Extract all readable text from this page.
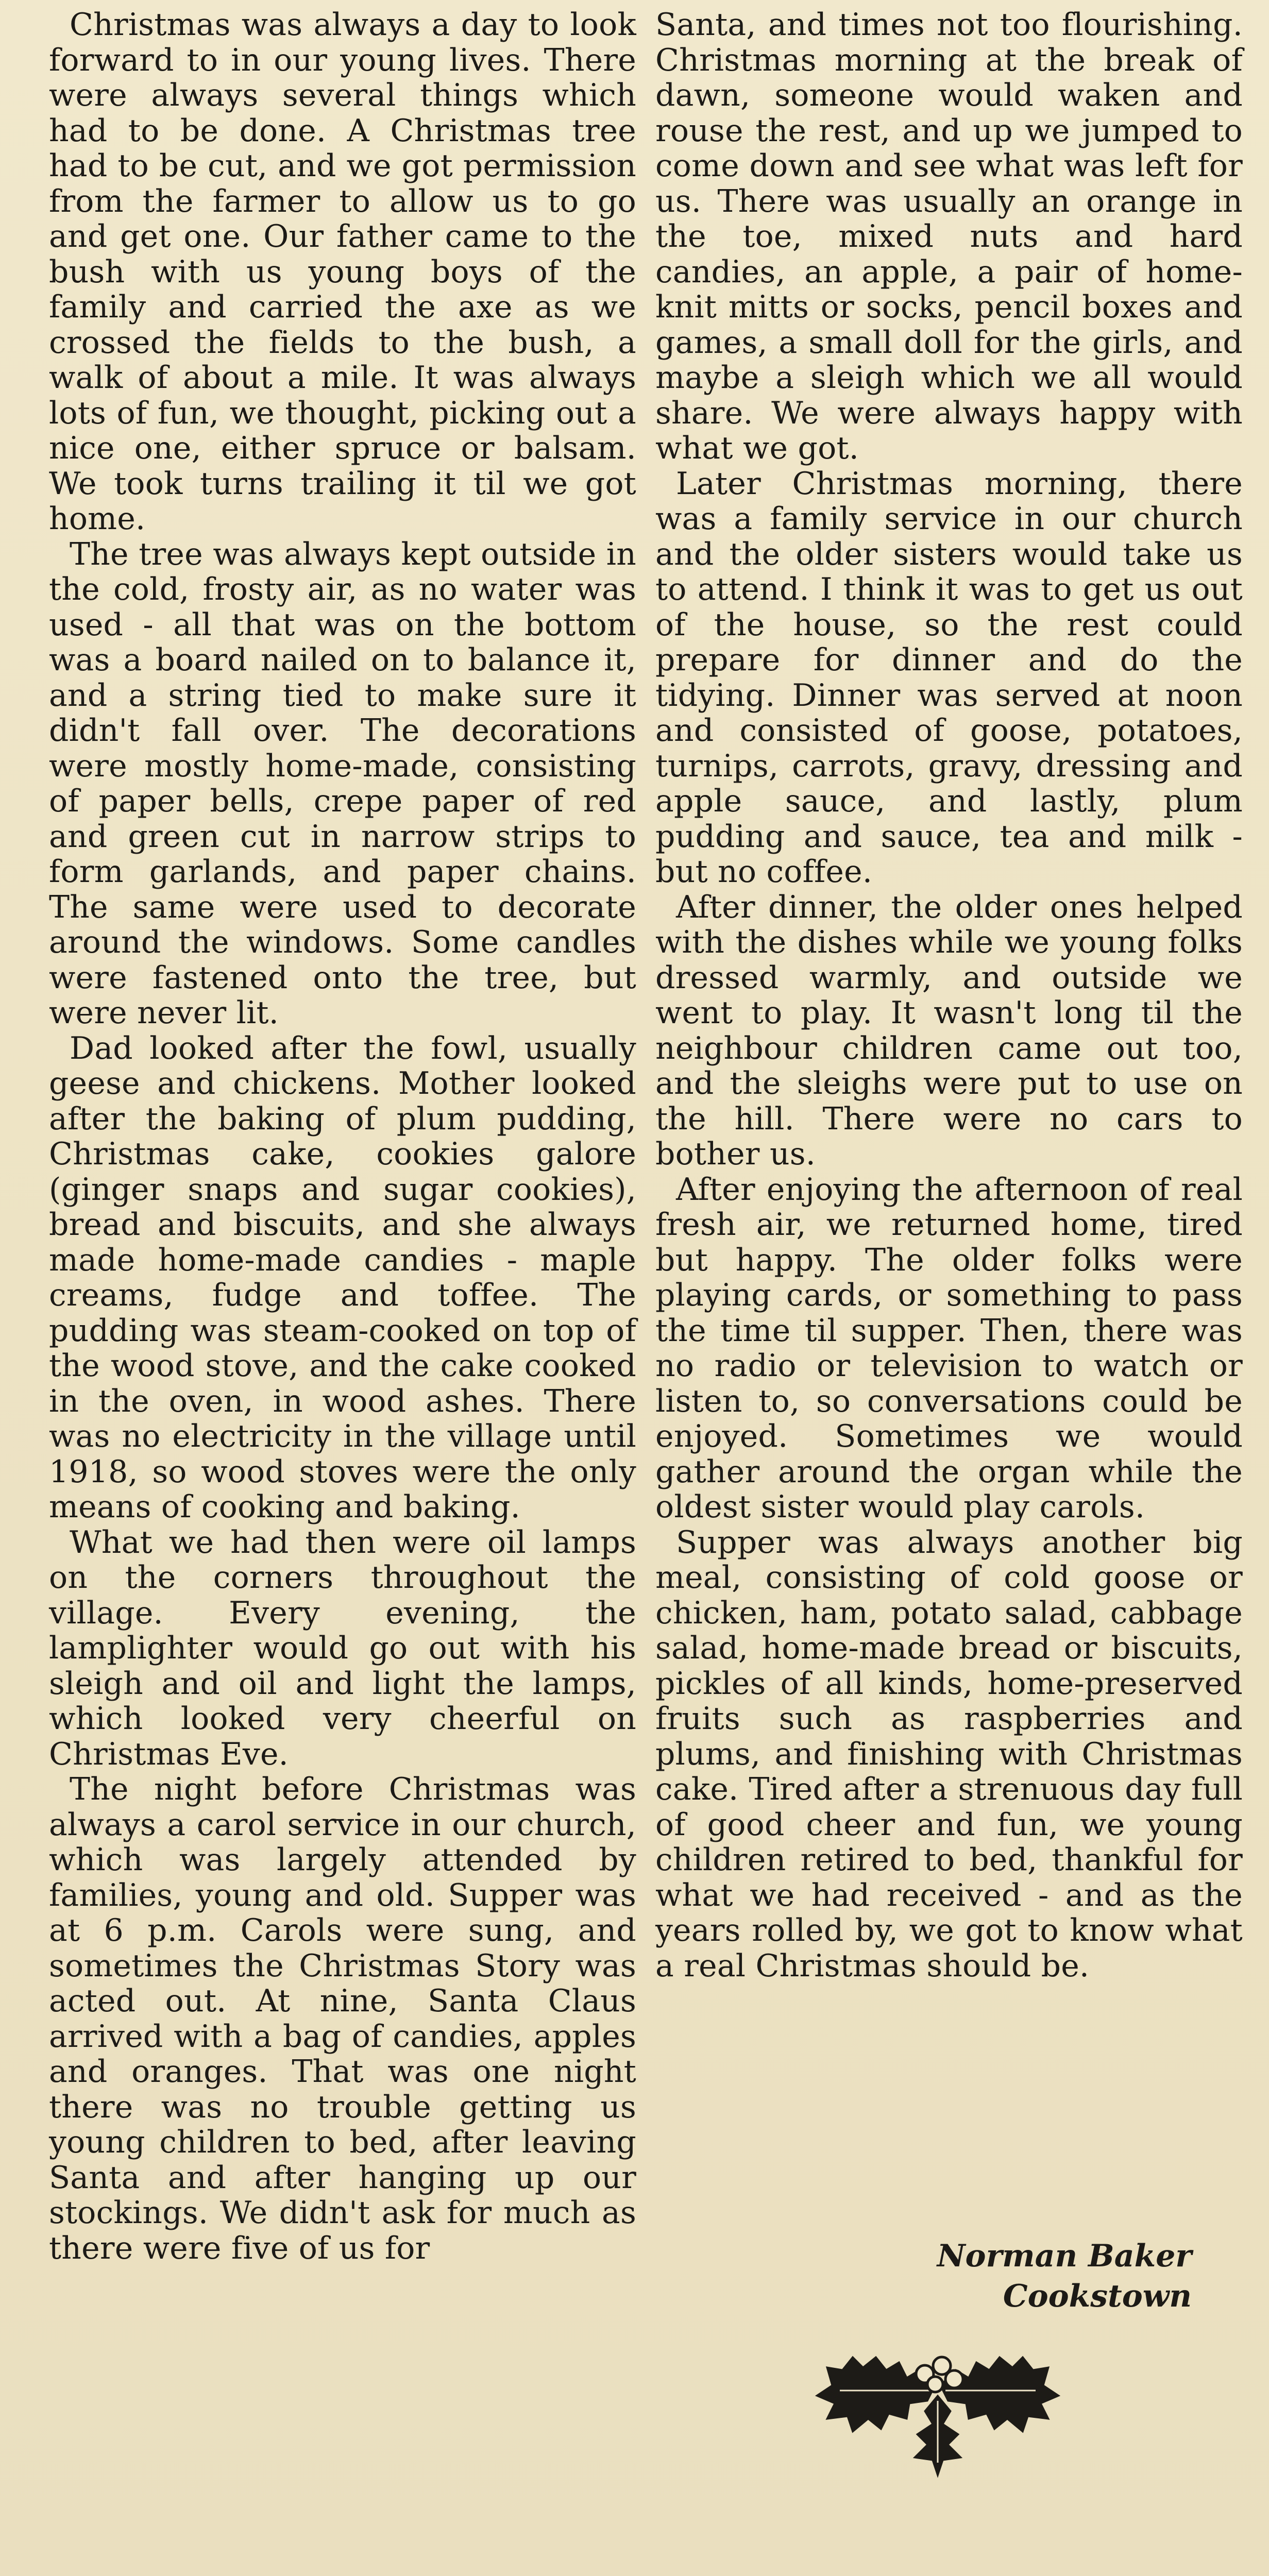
Christmas was always a day to look forward to in our young lives. There were always several things which had to be done. A Christmas tree had to be cut, and we got permission from the farmer to allow us to go and get one. Our father came to the bush with us young boys of the family and carried the axe as we crossed the fields to the bush, a walk of about a mile. It was always lots of fun, we thought, picking out a nice one, either spruce or balsam. We took turns trailing it til we got home.

The tree was always kept outside in the cold, frosty air, as no water was used - all that was on the bottom was a board nailed on to balance it, and a string tied to make sure it didn't fall over. The decorations were mostly home-made, consisting of paper bells, crepe paper of red and green cut in narrow strips to form garlands, and paper chains. The same were used to decorate around the windows. Some candles were fastened onto the tree, but were never lit.

Dad looked after the fowl, usually geese and chickens. Mother looked after the baking of plum pudding, Christmas cake, cookies galore (ginger snaps and sugar cookies), bread and biscuits, and she always made home-made candies - maple creams, fudge and toffee. The pudding was steam-cooked on top of the wood stove, and the cake cooked in the oven, in wood ashes. There was no electricity in the village until 1918, so wood stoves were the only means of cooking and baking.

What we had then were oil lamps on the corners throughout the village. Every evening, the lamplighter would go out with his sleigh and oil and light the lamps, which looked very cheerful on Christmas Eve.

The night before Christmas was always a carol service in our church, which was largely attended by families, young and old. Supper was at 6 p.m. Carols were sung, and sometimes the Christmas Story was acted out. At nine, Santa Claus arrived with a bag of candies, apples and oranges. That was one night there was no trouble getting us young children to bed, after leaving Santa and after hanging up our stockings. We didn't ask for much as there were five of us for

Santa, and times not too flourishing. Christmas morning at the break of dawn, someone would waken and rouse the rest, and up we jumped to come down and see what was left for us. There was usually an orange in the toe, mixed nuts and hard candies, an apple, a pair of home-knit mitts or socks, pencil boxes and games, a small doll for the girls, and maybe a sleigh which we all would share. We were always happy with what we got.

Later Christmas morning, there was a family service in our church and the older sisters would take us to attend. I think it was to get us out of the house, so the rest could prepare for dinner and do the tidying. Dinner was served at noon and consisted of goose, potatoes, turnips, carrots, gravy, dressing and apple sauce, and lastly, plum pudding and sauce, tea and milk - but no coffee.

After dinner, the older ones helped with the dishes while we young folks dressed warmly, and outside we went to play. It wasn't long til the neighbour children came out too, and the sleighs were put to use on the hill. There were no cars to bother us.

After enjoying the afternoon of real fresh air, we returned home, tired but happy. The older folks were playing cards, or something to pass the time til supper. Then, there was no radio or television to watch or listen to, so conversations could be enjoyed. Sometimes we would gather around the organ while the oldest sister would play carols.

Supper was always another big meal, consisting of cold goose or chicken, ham, potato salad, cabbage salad, home-made bread or biscuits, pickles of all kinds, home-preserved fruits such as raspberries and plums, and finishing with Christmas cake. Tired after a strenuous day full of good cheer and fun, we young children retired to bed, thankful for what we had received - and as the years rolled by, we got to know what a real Christmas should be.

Norman Baker
Cookstown
